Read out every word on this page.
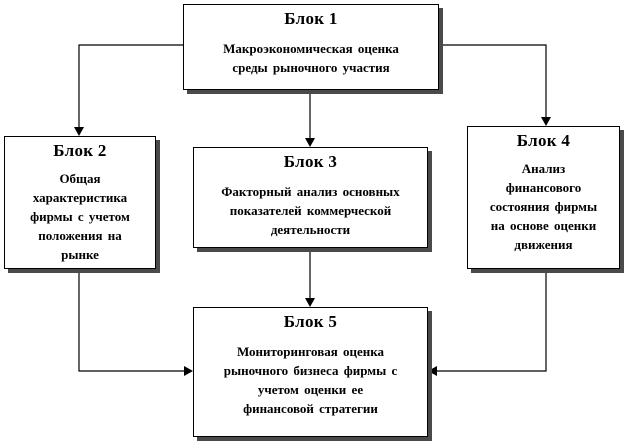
Блок 1
Макроэкономическая оценка
среды рыночного участия
Блок 2
Общая
характеристика
фирмы с учетом
положения на
рынке
Блок 3
Факторный анализ основных
показателей коммерческой
деятельности
Блок 4
Анализ
финансового
состояния фирмы
на основе оценки
движения
Блок 5
Мониторинговая оценка
рыночного бизнеса фирмы с
учетом оценки ее
финансовой стратегии
